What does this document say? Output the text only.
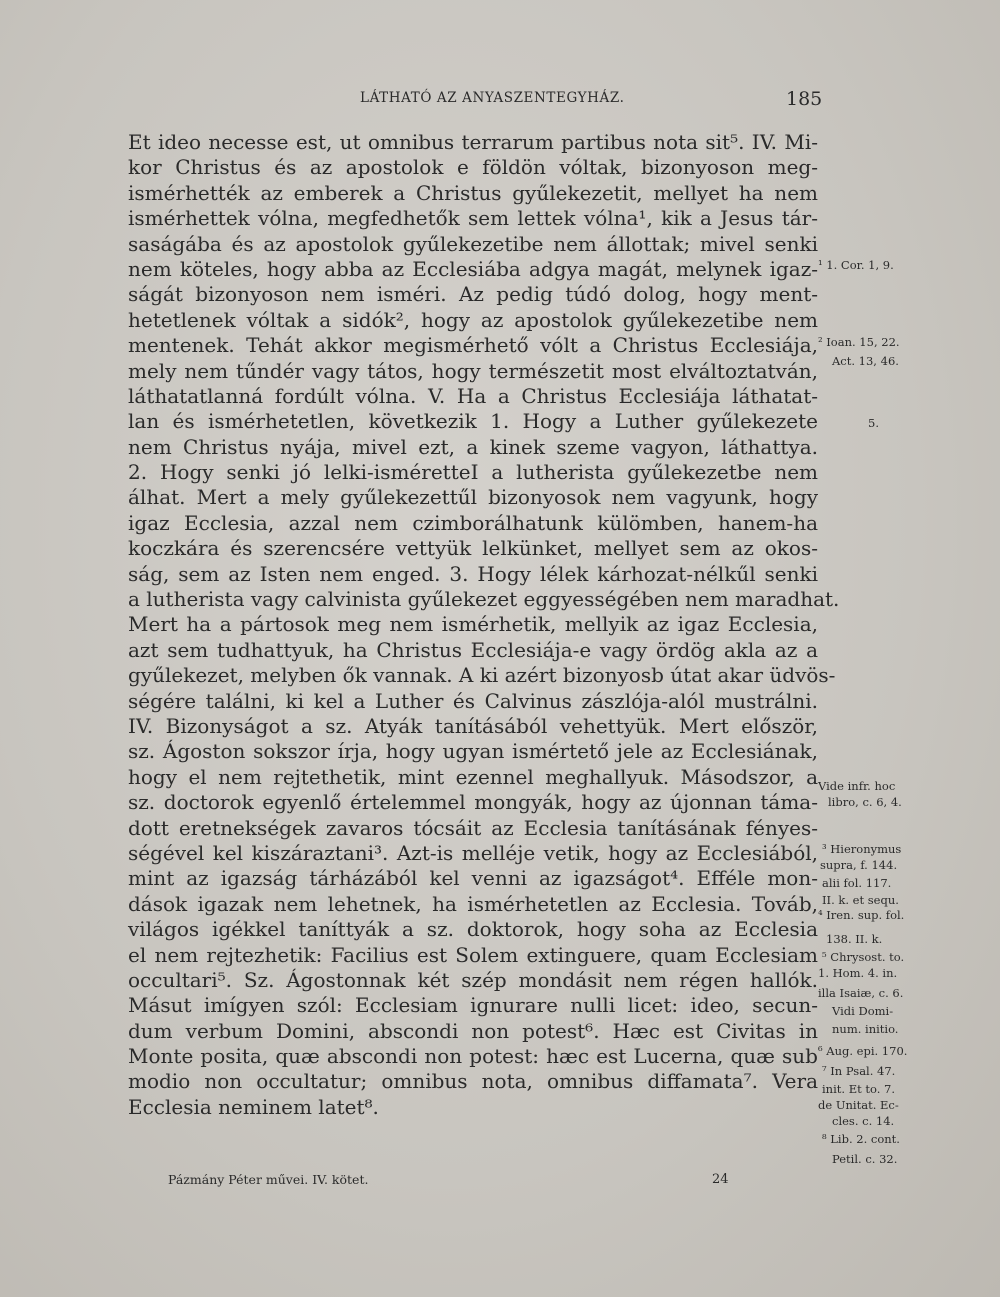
LÁTHATÓ AZ ANYASZENTEGYHÁZ.	185
Et ideo necesse est, ut omnibus terrarum partibus nota sit⁵. IV. Mi-
kor Christus és az apostolok e földön vóltak, bizonyoson meg-
ismérhették az emberek a Christus gyűlekezetit, mellyet ha nem
ismérhettek vólna, megfedhetők sem lettek vólna¹, kik a Jesus tár-
saságába és az apostolok gyűlekezetibe nem állottak; mivel senki
nem köteles, hogy abba az Ecclesiába adgya magát, melynek igaz-
ságát bizonyoson nem isméri. Az pedig túdó dolog, hogy ment-
hetetlenek vóltak a sidók², hogy az apostolok gyűlekezetibe nem
mentenek. Tehát akkor megismérhető vólt a Christus Ecclesiája,
mely nem tűndér vagy tátos, hogy természetit most elváltoztatván,
láthatatlanná fordúlt vólna. V. Ha a Christus Ecclesiája láthatat-
lan és ismérhetetlen, következik 1. Hogy a Luther gyűlekezete
nem Christus nyája, mivel ezt, a kinek szeme vagyon, láthattya.
2. Hogy senki jó lelki-isméretteI a lutherista gyűlekezetbe nem
álhat. Mert a mely gyűlekezettűl bizonyosok nem vagyunk, hogy
igaz Ecclesia, azzal nem czimborálhatunk külömben, hanem-ha
koczkára és szerencsére vettyük lelkünket, mellyet sem az okos-
ság, sem az Isten nem enged. 3. Hogy lélek kárhozat-nélkűl senki
a lutherista vagy calvinista gyűlekezet eggyességében nem maradhat.
Mert ha a pártosok meg nem ismérhetik, mellyik az igaz Ecclesia,
azt sem tudhattyuk, ha Christus Ecclesiája-e vagy ördög akla az a
gyűlekezet, melyben ők vannak. A ki azért bizonyosb útat akar üdvös-
ségére találni, ki kel a Luther és Calvinus zászlója-alól mustrálni.
IV. Bizonyságot a sz. Atyák tanításából vehettyük. Mert először,
sz. Ágoston sokszor írja, hogy ugyan ismértető jele az Ecclesiának,
hogy el nem rejtethetik, mint ezennel meghallyuk. Másodszor, a
sz. doctorok egyenlő értelemmel mongyák, hogy az újonnan táma-
dott eretnekségek zavaros tócsáit az Ecclesia tanításának fényes-
ségével kel kiszáraztani³. Azt-is melléje vetik, hogy az Ecclesiából,
mint az igazság tárházából kel venni az igazságot⁴. Efféle mon-
dások igazak nem lehetnek, ha ismérhetetlen az Ecclesia. Továb,
világos igékkel taníttyák a sz. doktorok, hogy soha az Ecclesia
el nem rejtezhetik: Facilius est Solem extinguere, quam Ecclesiam
occultari⁵. Sz. Ágostonnak két szép mondásit nem régen hallók.
Másut imígyen szól: Ecclesiam ignurare nulli licet: ideo, secun-
dum verbum Domini, abscondi non potest⁶. Hæc est Civitas in
Monte posita, quæ abscondi non potest: hæc est Lucerna, quæ sub
modio non occultatur; omnibus nota, omnibus diffamata⁷. Vera
Ecclesia neminem latet⁸.
¹ 1. Cor. 1, 9.
² Ioan. 15, 22.
Act. 13, 46.
5.
Vide infr. hoc
libro, c. 6, 4.
³ Hieronymus
supra, f. 144.
alii fol. 117.
II. k. et sequ.
⁴ Iren. sup. fol.
138. II. k.
⁵ Chrysost. to.
1. Hom. 4. in.
illa Isaiæ, c. 6.
Vidi Domi-
num. initio.
⁶ Aug. epi. 170.
⁷ In Psal. 47.
init. Et to. 7.
de Unitat. Ec-
cles. c. 14.
⁸ Lib. 2. cont.
Petil. c. 32.
Pázmány Péter művei. IV. kötet.	24
